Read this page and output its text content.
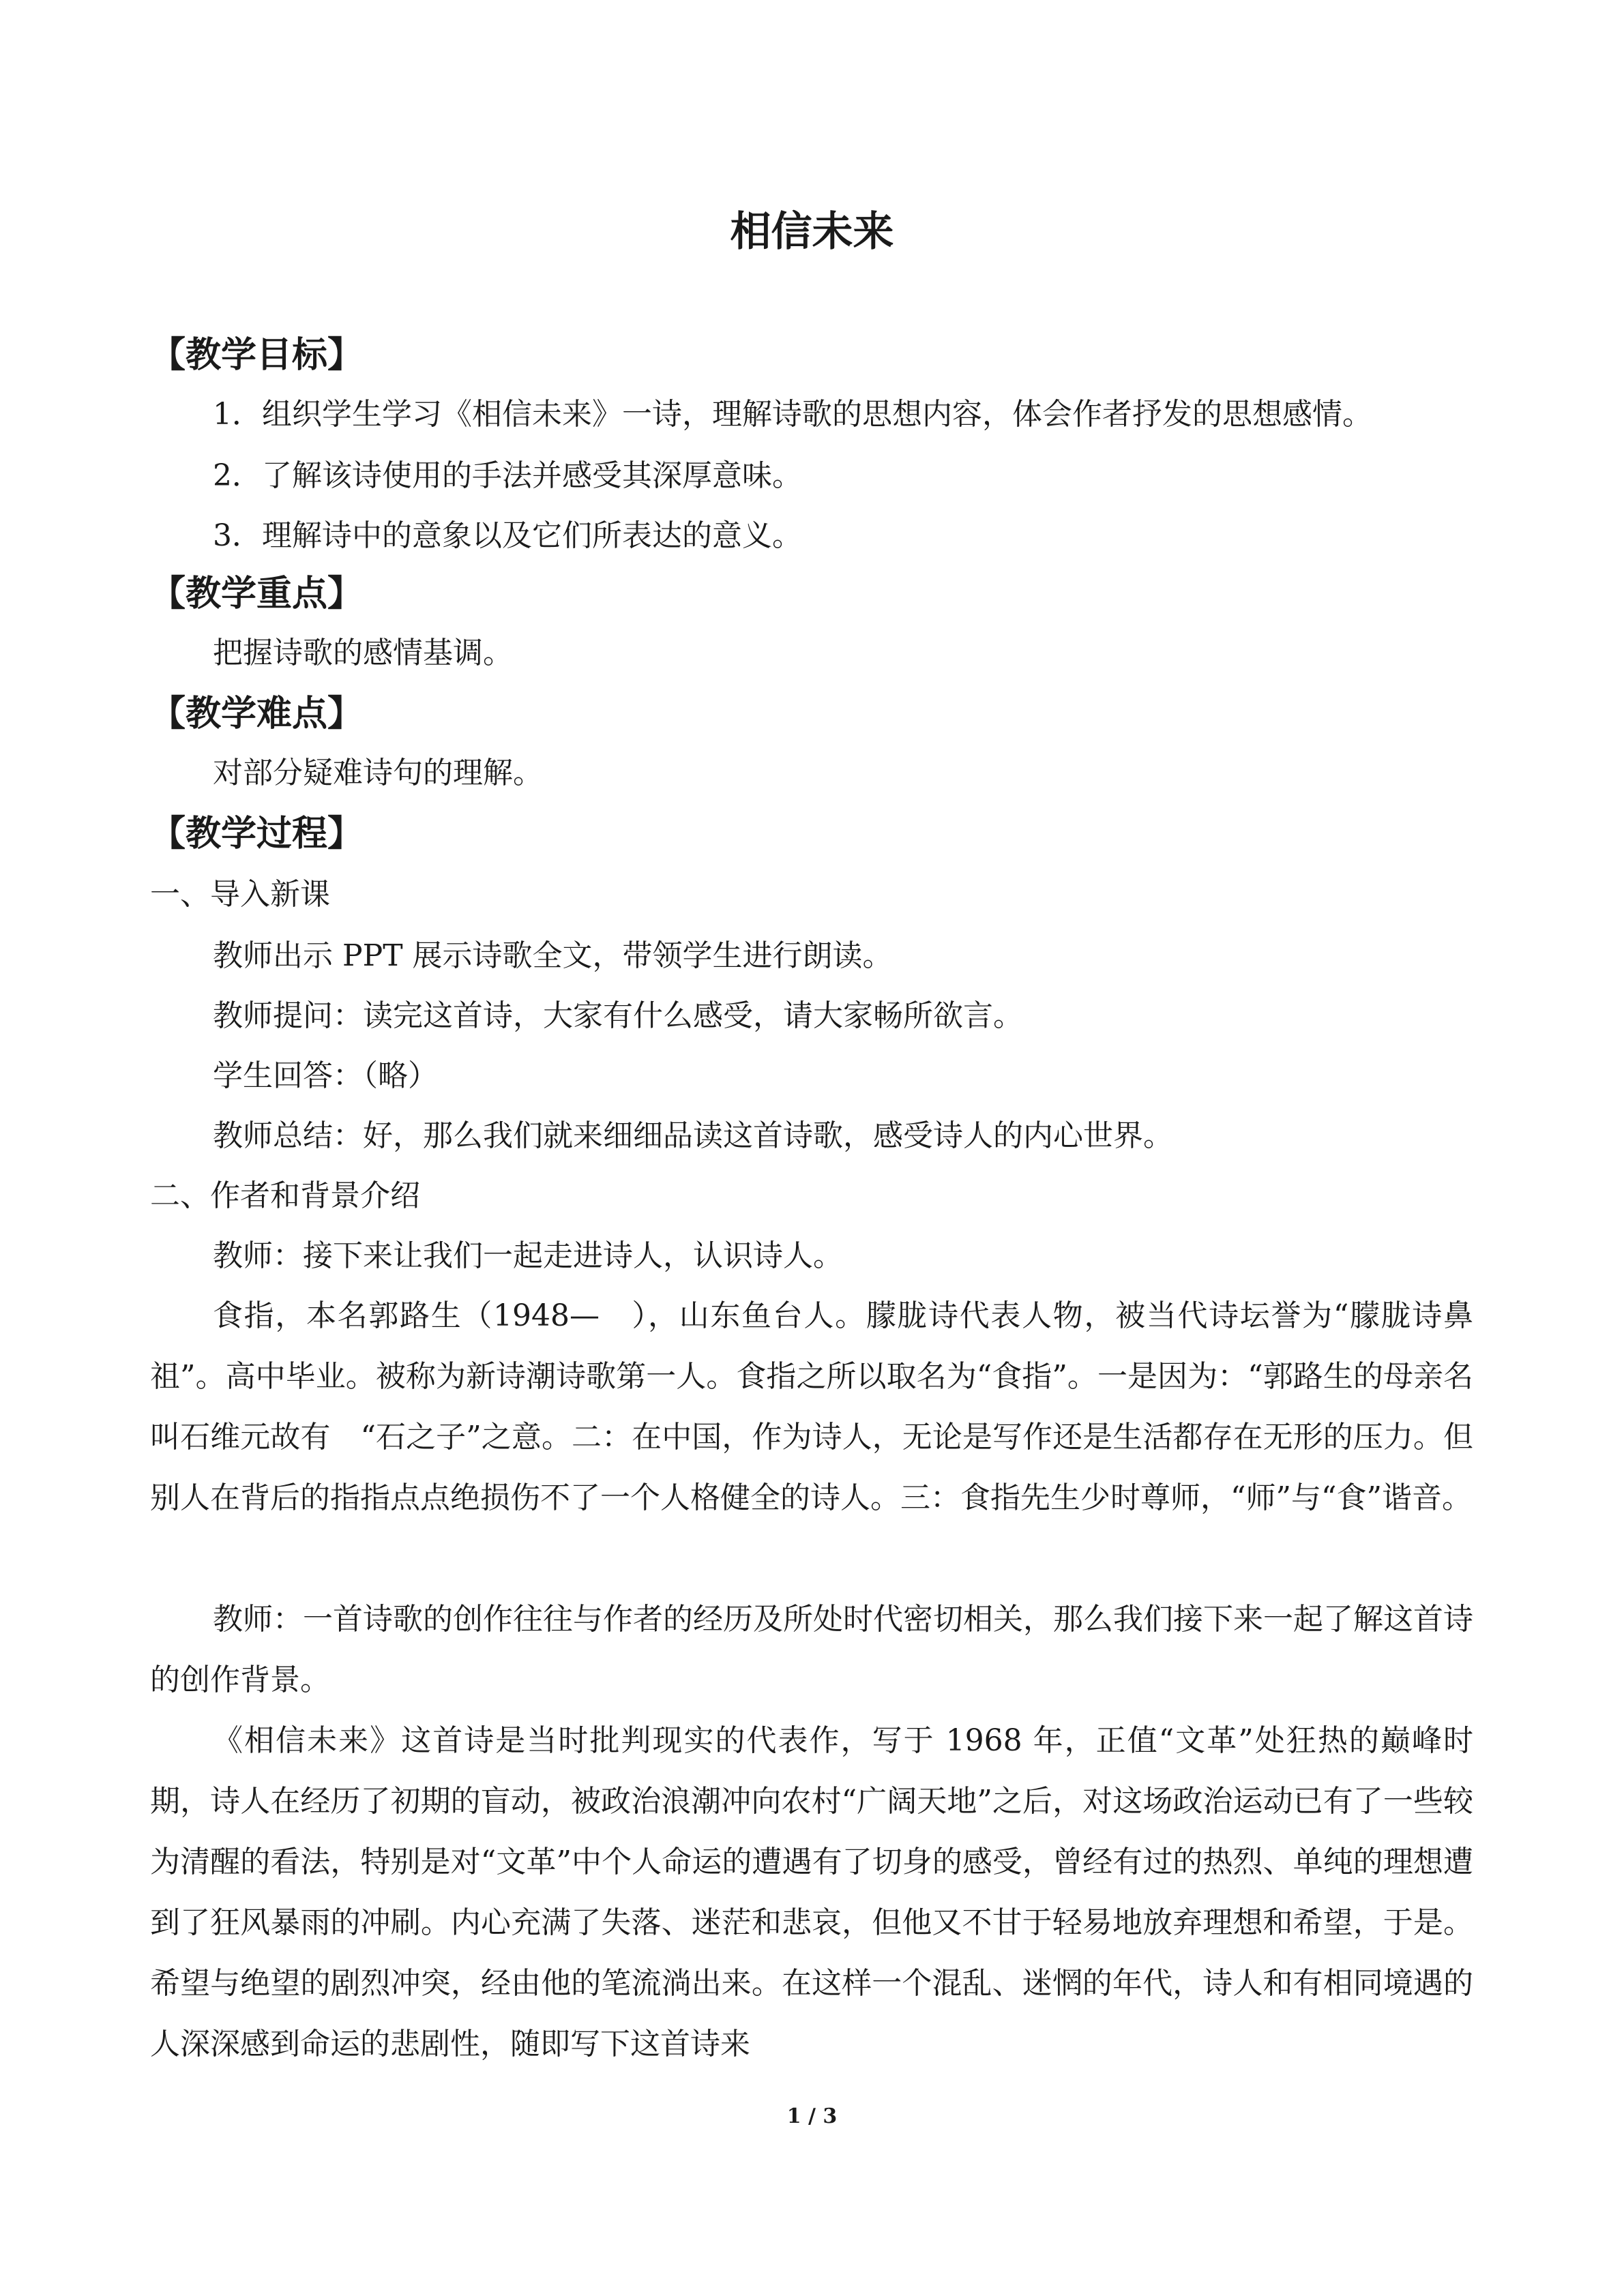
相信未来
【教学目标】
1．组织学生学习《相信未来》一诗，理解诗歌的思想内容，体会作者抒发的思想感情。
2．了解该诗使用的手法并感受其深厚意味。
3．理解诗中的意象以及它们所表达的意义。
【教学重点】
把握诗歌的感情基调。
【教学难点】
对部分疑难诗句的理解。
【教学过程】
一、导入新课
教师出示 PPT 展示诗歌全文，带领学生进行朗读。
教师提问：读完这首诗，大家有什么感受，请大家畅所欲言。
学生回答：（略）
教师总结：好，那么我们就来细细品读这首诗歌，感受诗人的内心世界。
二、作者和背景介绍
教师：接下来让我们一起走进诗人，认识诗人。
食指，本名郭路生（1948—　），山东鱼台人。朦胧诗代表人物，被当代诗坛誉为“朦胧诗鼻祖”。高中毕业。被称为新诗潮诗歌第一人。食指之所以取名为“食指”。一是因为：“郭路生的母亲名叫石维元故有　“石之子”之意。二：在中国，作为诗人，无论是写作还是生活都存在无形的压力。但别人在背后的指指点点绝损伤不了一个人格健全的诗人。三：食指先生少时尊师，“师”与“食”谐音。
教师：一首诗歌的创作往往与作者的经历及所处时代密切相关，那么我们接下来一起了解这首诗的创作背景。
《相信未来》这首诗是当时批判现实的代表作，写于 1968 年，正值“文革”处狂热的巅峰时期，诗人在经历了初期的盲动，被政治浪潮冲向农村“广阔天地”之后，对这场政治运动已有了一些较为清醒的看法，特别是对“文革”中个人命运的遭遇有了切身的感受，曾经有过的热烈、单纯的理想遭到了狂风暴雨的冲刷。内心充满了失落、迷茫和悲哀，但他又不甘于轻易地放弃理想和希望，于是。希望与绝望的剧烈冲突，经由他的笔流淌出来。在这样一个混乱、迷惘的年代，诗人和有相同境遇的人深深感到命运的悲剧性，随即写下这首诗来
1 / 3
